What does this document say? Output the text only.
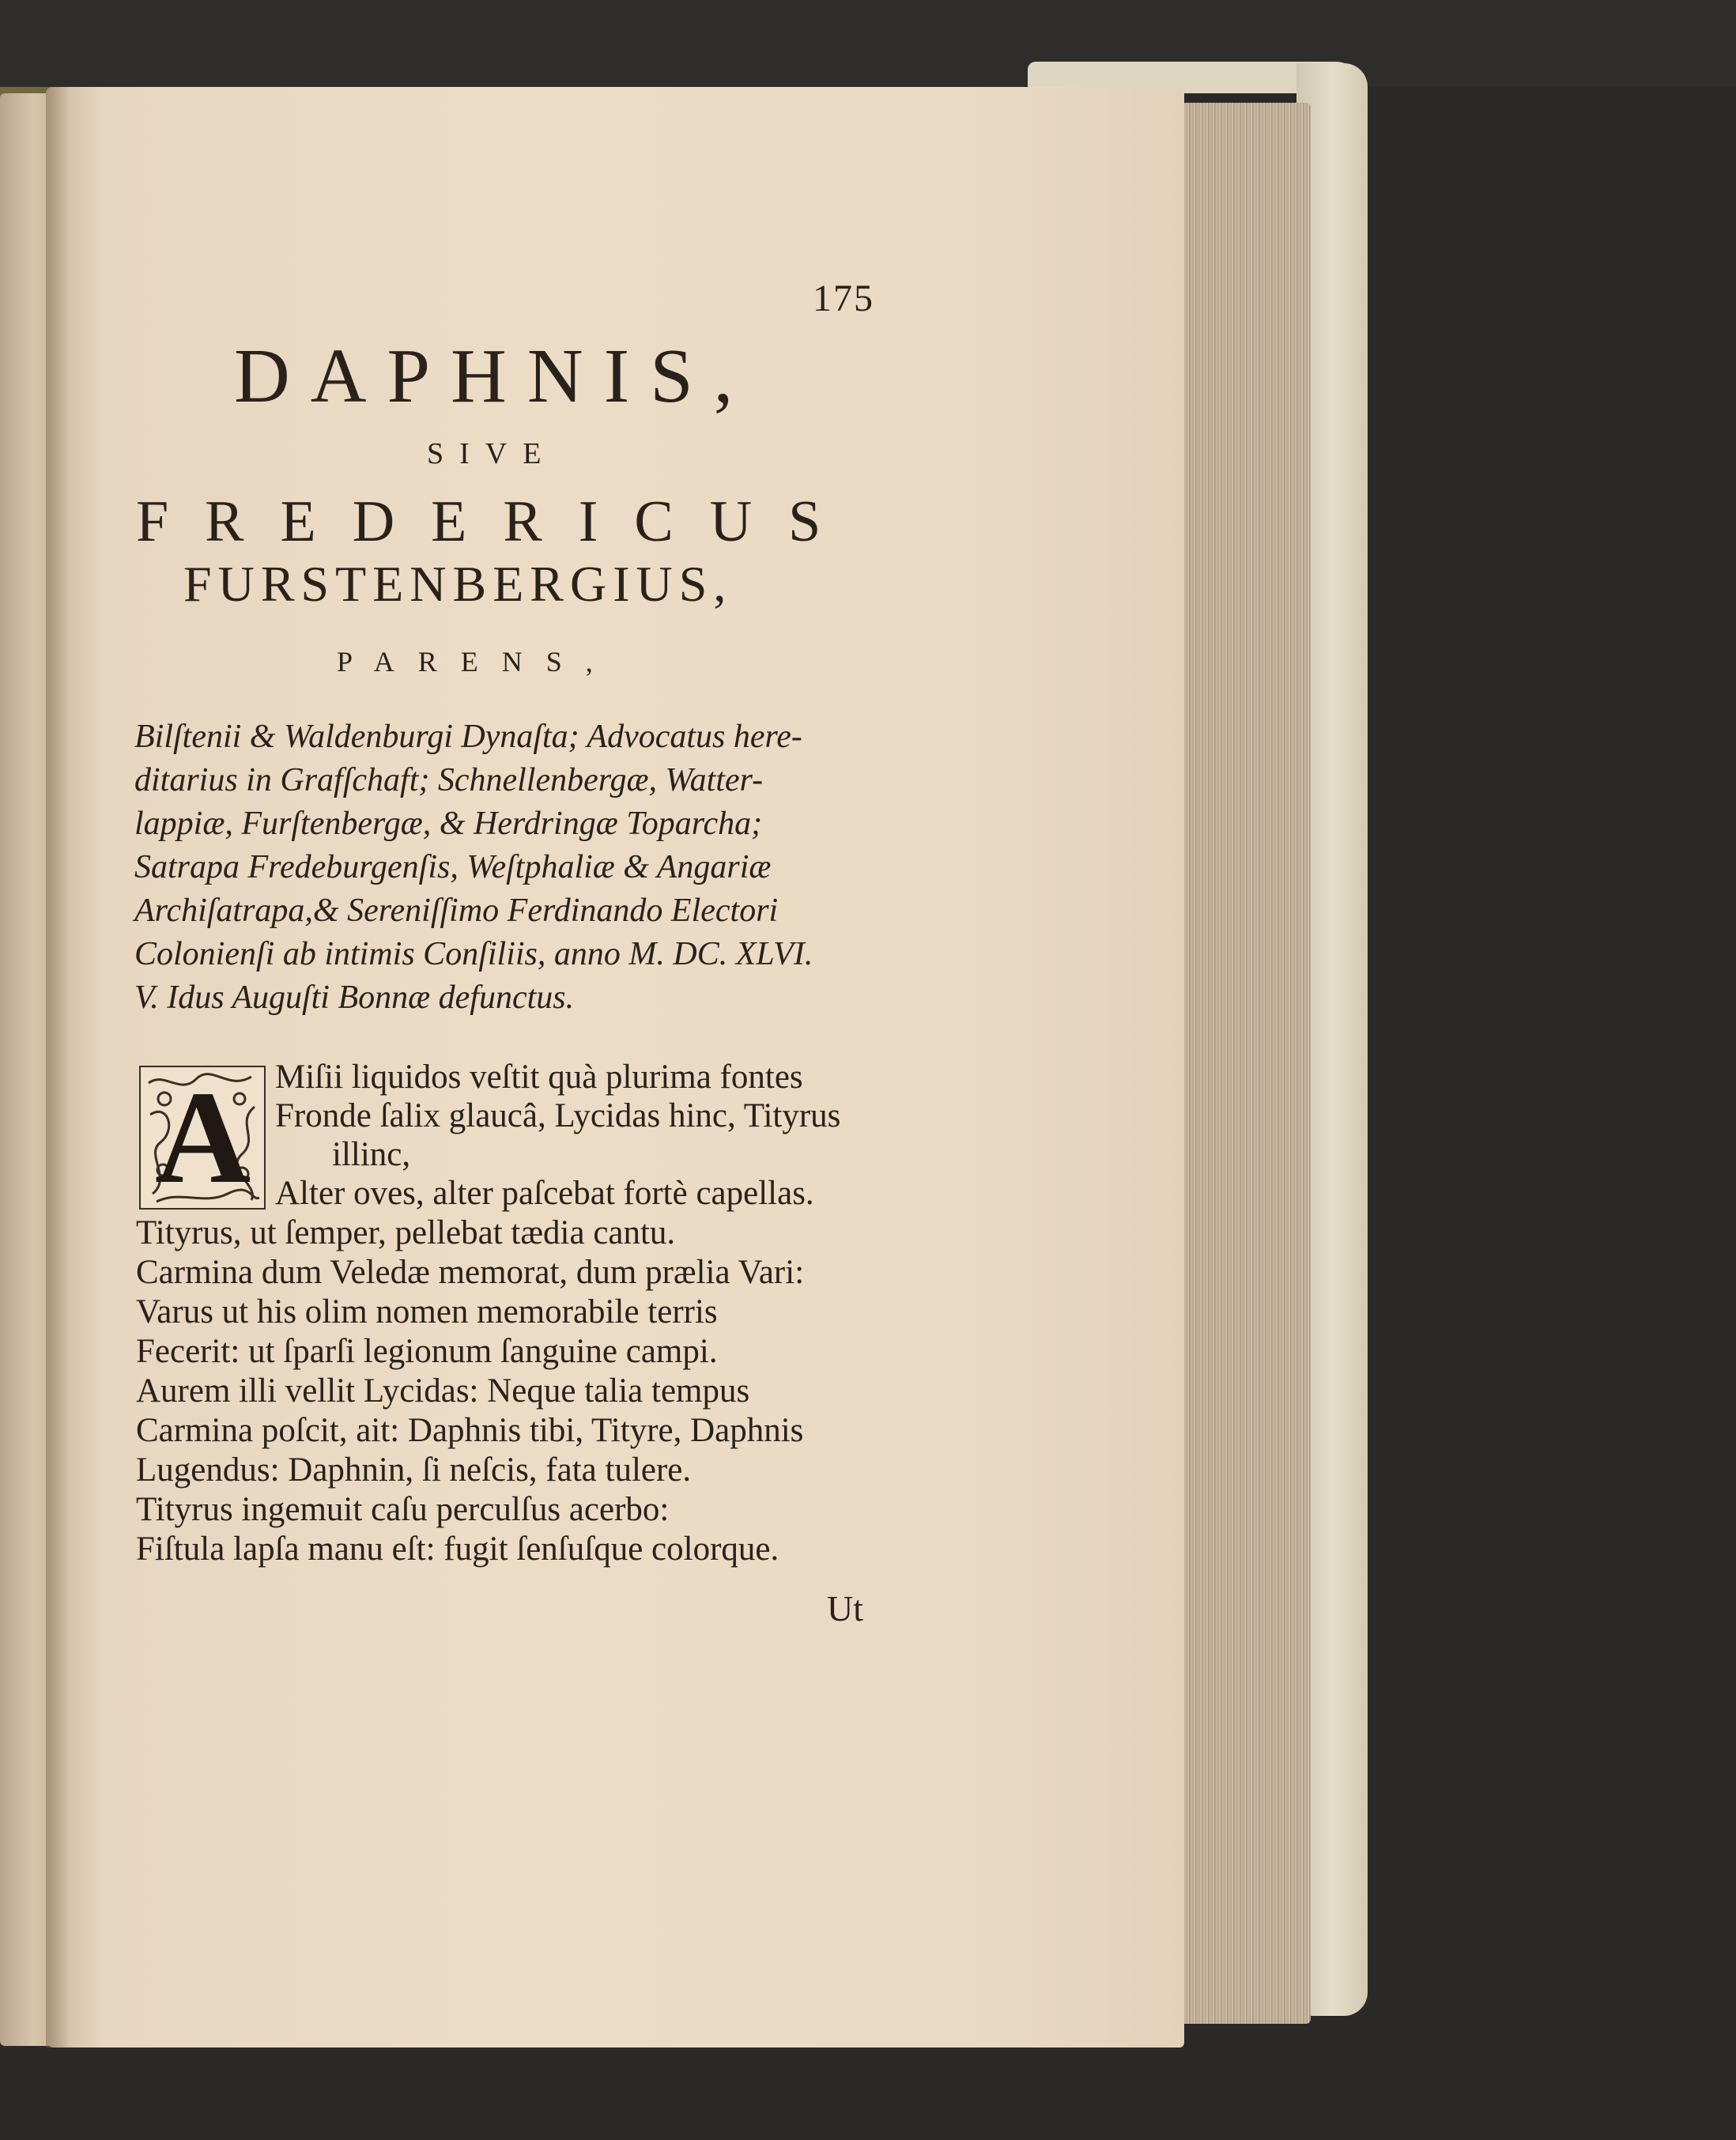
175
DAPHNIS,
SIVE
FREDERICUS
FURSTENBERGIUS,
PARENS,
Bilſtenii & Waldenburgi Dynaſta; Advocatus here-
ditarius in Grafſchaft; Schnellenbergæ, Watter-
lappiæ, Furſtenbergæ, & Herdringæ Toparcha;
Satrapa Fredeburgenſis, Weſtphaliæ & Angariæ
Archiſatrapa,& Sereniſſimo Ferdinando Electori
Colonienſi ab intimis Conſiliis, anno M. DC. XLVI.
V. Idus Auguſti Bonnæ defunctus.
A Miſii liquidos veſtit quà plurima fontes
Fronde ſalix glaucâ, Lycidas hinc, Tityrus
illinc,
Alter oves, alter paſcebat fortè capellas.
Tityrus, ut ſemper, pellebat tædia cantu.
Carmina dum Veledæ memorat, dum prælia Vari:
Varus ut his olim nomen memorabile terris
Fecerit: ut ſparſi legionum ſanguine campi.
Aurem illi vellit Lycidas: Neque talia tempus
Carmina poſcit, ait: Daphnis tibi, Tityre, Daphnis
Lugendus: Daphnin, ſi neſcis, fata tulere.
Tityrus ingemuit caſu perculſus acerbo:
Fiſtula lapſa manu eſt: fugit ſenſuſque colorque.
Ut
